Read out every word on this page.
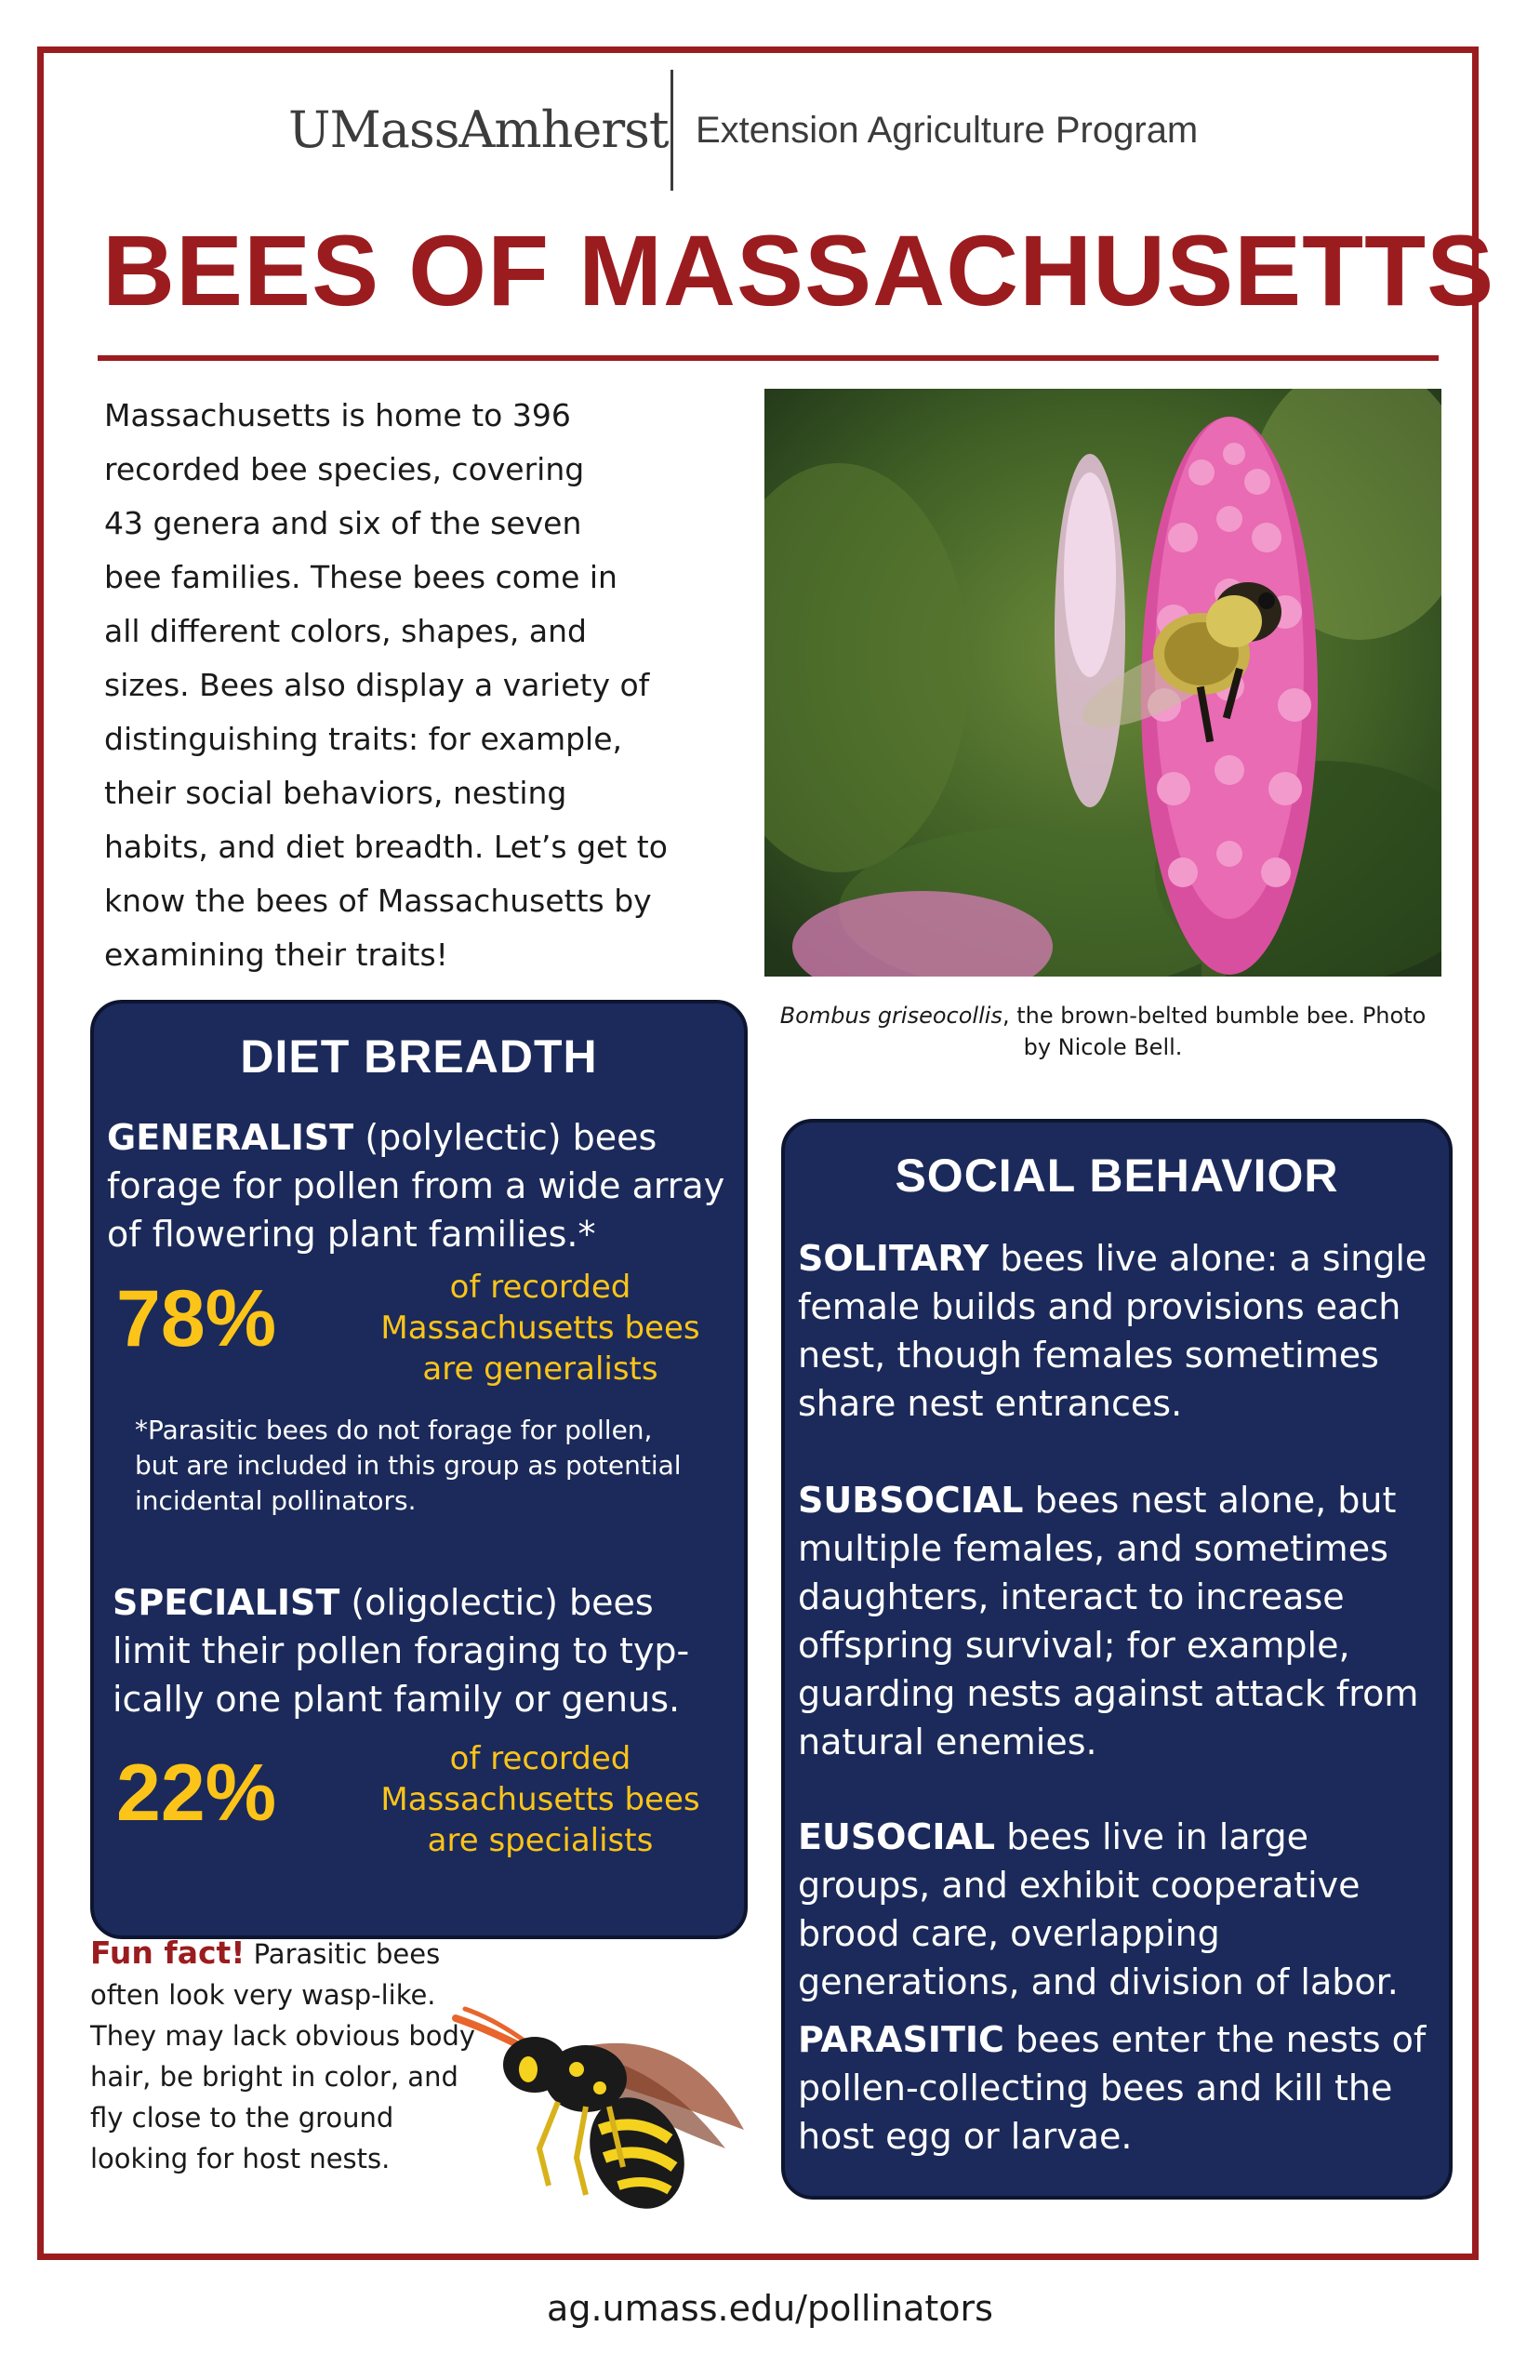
UMassAmherst Extension Agriculture Program
BEES OF MASSACHUSETTS
Massachusetts is home to 396
recorded bee species, covering
43 genera and six of the seven
bee families. These bees come in
all different colors, shapes, and
sizes. Bees also display a variety of
distinguishing traits: for example,
their social behaviors, nesting
habits, and diet breadth. Let’s get to
know the bees of Massachusetts by
examining their traits!
Bombus griseocollis, the brown-belted bumble bee. Photo by Nicole Bell.
DIET BREADTH
GENERALIST (polylectic) bees forage for pollen from a wide array of flowering plant families.*
78%	of recorded Massachusetts bees are generalists
*Parasitic bees do not forage for pollen, but are included in this group as potential incidental pollinators.
SPECIALIST (oligolectic) bees limit their pollen foraging to typ-ically one plant family or genus.
22%	of recorded Massachusetts bees are specialists
SOCIAL BEHAVIOR
SOLITARY bees live alone: a single female builds and provisions each nest, though females sometimes share nest entrances.
SUBSOCIAL bees nest alone, but multiple females, and sometimes daughters, interact to increase offspring survival; for example, guarding nests against attack from natural enemies.
EUSOCIAL bees live in large groups, and exhibit cooperative brood care, overlapping generations, and division of labor.
PARASITIC bees enter the nests of pollen-collecting bees and kill the host egg or larvae.
Fun fact! Parasitic bees often look very wasp-like. They may lack obvious body hair, be bright in color, and fly close to the ground looking for host nests.
ag.umass.edu/pollinators
